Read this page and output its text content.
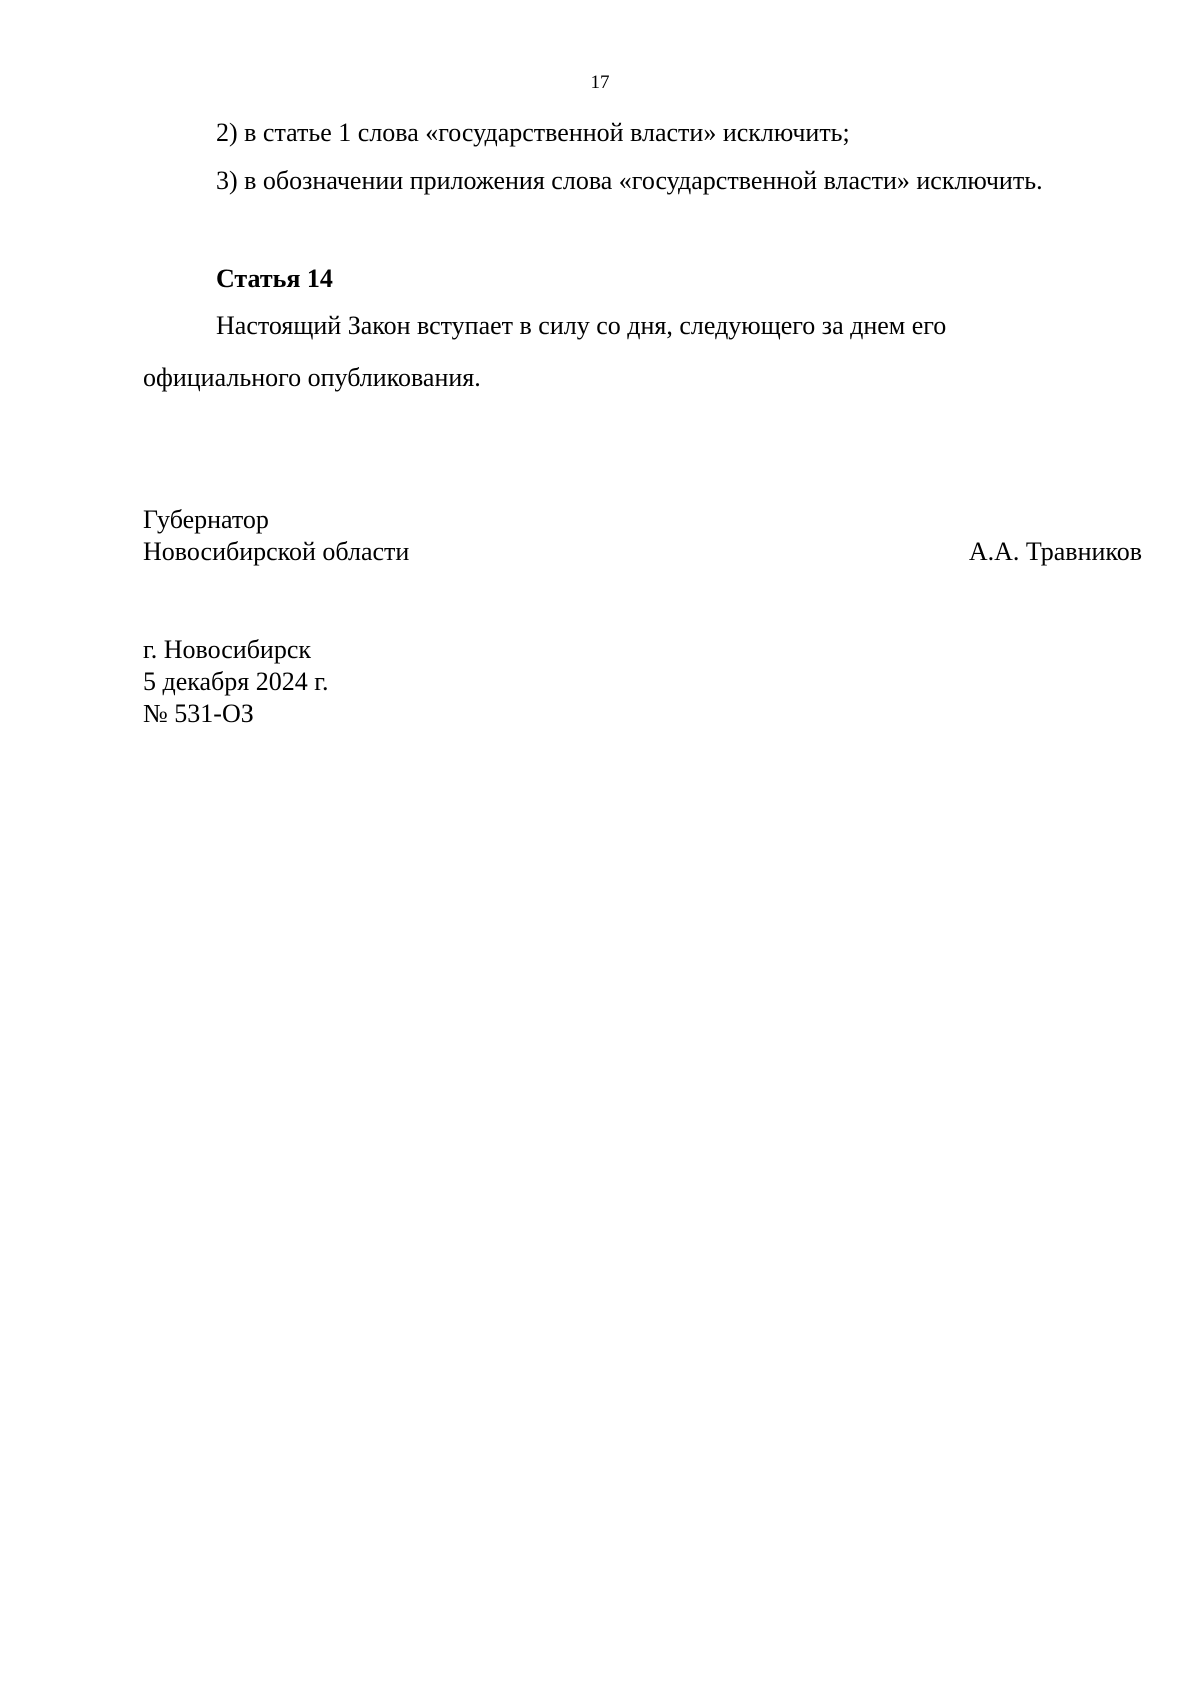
17
2) в статье 1 слова «государственной власти» исключить;
3) в обозначении приложения слова «государственной власти» исключить.
Статья 14
Настоящий Закон вступает в силу со дня, следующего за днем его
официального опубликования.
Губернатор
Новосибирской области	А.А. Травников
г. Новосибирск
5 декабря 2024 г.
№ 531-ОЗ
